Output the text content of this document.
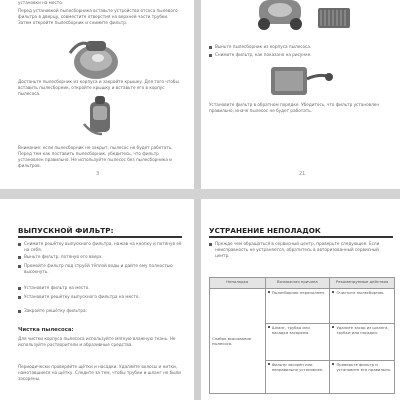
установки на место.
Перед установкой пылесборника вставьте устройство отсоса пылевого фильтра в дверцу, совместите отверстия на верхней части трубки. Затем откройте пылесборник и снимите фильтр.
Достаньте пылесборник из корпуса и закройте крышку. Для того чтобы вставить пылесборник, откройте крышку и вставьте его в корпус пылесоса.
Внимание: если пылесборник не закрыт, пылесос не будет работать. Перед тем как поставить пылесборник, убедитесь, что фильтр установлен правильно. Не используйте пылесос без пылесборника и фильтров.
3
Выньте пылесборник из корпуса пылесоса.
Снимите фильтр, как показано на рисунке.
Установите фильтр в обратном порядке. Убедитесь, что фильтр установлен правильно, иначе пылесос не будет работать.
21
ВЫПУСКНОЙ ФИЛЬТР:
Снимите решётку выпускного фильтра, нажав на кнопку и потянув её на себя.
Выньте фильтр, потянув его вверх.
Промойте фильтр под струёй тёплой воды и дайте ему полностью высохнуть.
Установите фильтр на место.
Установите решётку выпускного фильтра на место.
Закройте решётку фильтра.
Чистка пылесоса:
Для чистки корпуса пылесоса используйте мягкую влажную ткань. Не используйте растворители и абразивные средства.
Периодически проверяйте щётки и насадки. Удаляйте волосы и нитки, намотавшиеся на щётку. Следите за тем, чтобы трубки и шланг не были засорены.
УСТРАНЕНИЕ НЕПОЛАДОК
Прежде чем обращаться в сервисный центр, проверьте следующее. Если неисправность не устраняется, обратитесь в авторизованный сервисный центр.
Неполадка	Возможная причина	Рекомендуемые действия
Слабое всасывание пылесоса.	Пылесборник переполнен.	Очистите пылесборник.

	Шланг, трубка или насадка засорены.	Удалите засор из шланга, трубки или насадки.

	Фильтр засорён или неправильно установлен.	Проверьте фильтр и установите его правильно.
